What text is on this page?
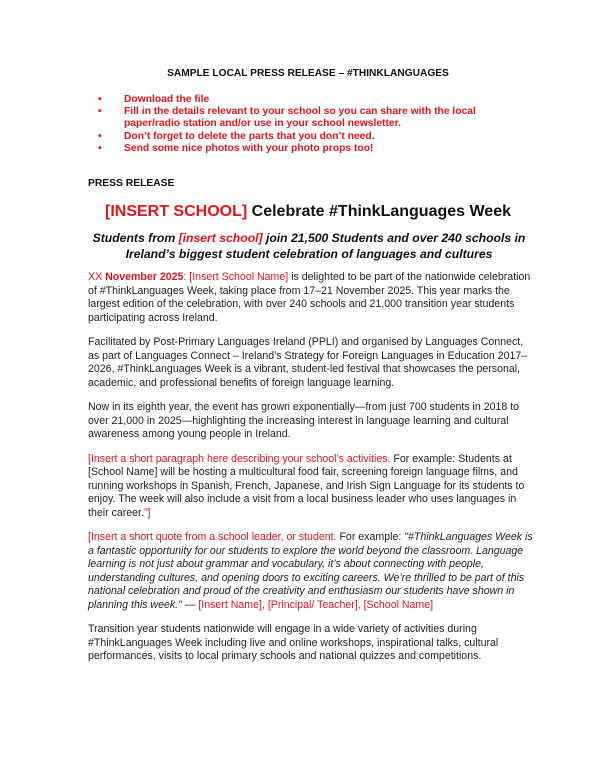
SAMPLE LOCAL PRESS RELEASE – #THINKLANGUAGES
• Download the file
• Fill in the details relevant to your school so you can share with the local paper/radio station and/or use in your school newsletter.
• Don’t forget to delete the parts that you don’t need.
• Send some nice photos with your photo props too!
PRESS RELEASE
[INSERT SCHOOL] Celebrate #ThinkLanguages Week
Students from [insert school] join 21,500 Students and over 240 schools in Ireland’s biggest student celebration of languages and cultures
XX November 2025: [Insert School Name] is delighted to be part of the nationwide celebration of #ThinkLanguages Week, taking place from 17–21 November 2025. This year marks the largest edition of the celebration, with over 240 schools and 21,000 transition year students participating across Ireland.
Facilitated by Post-Primary Languages Ireland (PPLI) and organised by Languages Connect, as part of Languages Connect – Ireland’s Strategy for Foreign Languages in Education 2017–2026, #ThinkLanguages Week is a vibrant, student-led festival that showcases the personal, academic, and professional benefits of foreign language learning.
Now in its eighth year, the event has grown exponentially—from just 700 students in 2018 to over 21,000 in 2025—highlighting the increasing interest in language learning and cultural awareness among young people in Ireland.
[Insert a short paragraph here describing your school’s activities. For example: Students at [School Name] will be hosting a multicultural food fair, screening foreign language films, and running workshops in Spanish, French, Japanese, and Irish Sign Language for its students to enjoy. The week will also include a visit from a local business leader who uses languages in their career.”]
[Insert a short quote from a school leader, or student. For example: "#ThinkLanguages Week is a fantastic opportunity for our students to explore the world beyond the classroom. Language learning is not just about grammar and vocabulary, it’s about connecting with people, understanding cultures, and opening doors to exciting careers. We’re thrilled to be part of this national celebration and proud of the creativity and enthusiasm our students have shown in planning this week." — [Insert Name], [Principal/ Teacher], [School Name]
Transition year students nationwide will engage in a wide variety of activities during #ThinkLanguages Week including live and online workshops, inspirational talks, cultural performances, visits to local primary schools and national quizzes and competitions.
